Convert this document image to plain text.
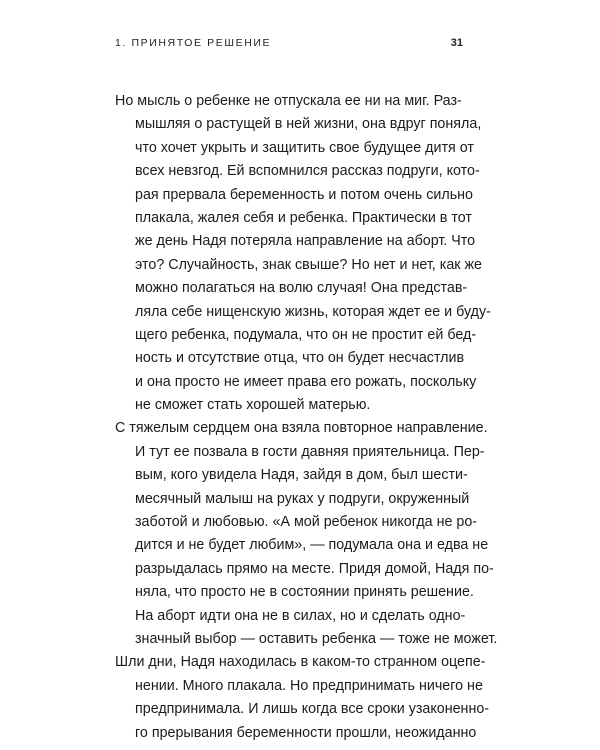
1. ПРИНЯТОЕ РЕШЕНИЕ	31
Но мысль о ребенке не отпускала ее ни на миг. Раз-
мышляя о растущей в ней жизни, она вдруг поняла,
что хочет укрыть и защитить свое будущее дитя от
всех невзгод. Ей вспомнился рассказ подруги, кото-
рая прервала беременность и потом очень сильно
плакала, жалея себя и ребенка. Практически в тот
же день Надя потеряла направление на аборт. Что
это? Случайность, знак свыше? Но нет и нет, как же
можно полагаться на волю случая! Она представ-
ляла себе нищенскую жизнь, которая ждет ее и буду-
щего ребенка, подумала, что он не простит ей бед-
ность и отсутствие отца, что он будет несчастлив
и она просто не имеет права его рожать, поскольку
не сможет стать хорошей матерью.
С тяжелым сердцем она взяла повторное направление.
И тут ее позвала в гости давняя приятельница. Пер-
вым, кого увидела Надя, зайдя в дом, был шести-
месячный малыш на руках у подруги, окруженный
заботой и любовью. «А мой ребенок никогда не ро-
дится и не будет любим», — подумала она и едва не
разрыдалась прямо на месте. Придя домой, Надя по-
няла, что просто не в состоянии принять решение.
На аборт идти она не в силах, но и сделать одно-
значный выбор — оставить ребенка — тоже не может.
Шли дни, Надя находилась в каком-то странном оцепе-
нении. Много плакала. Но предпринимать ничего не
предпринимала. И лишь когда все сроки узаконенно-
го прерывания беременности прошли, неожиданно
